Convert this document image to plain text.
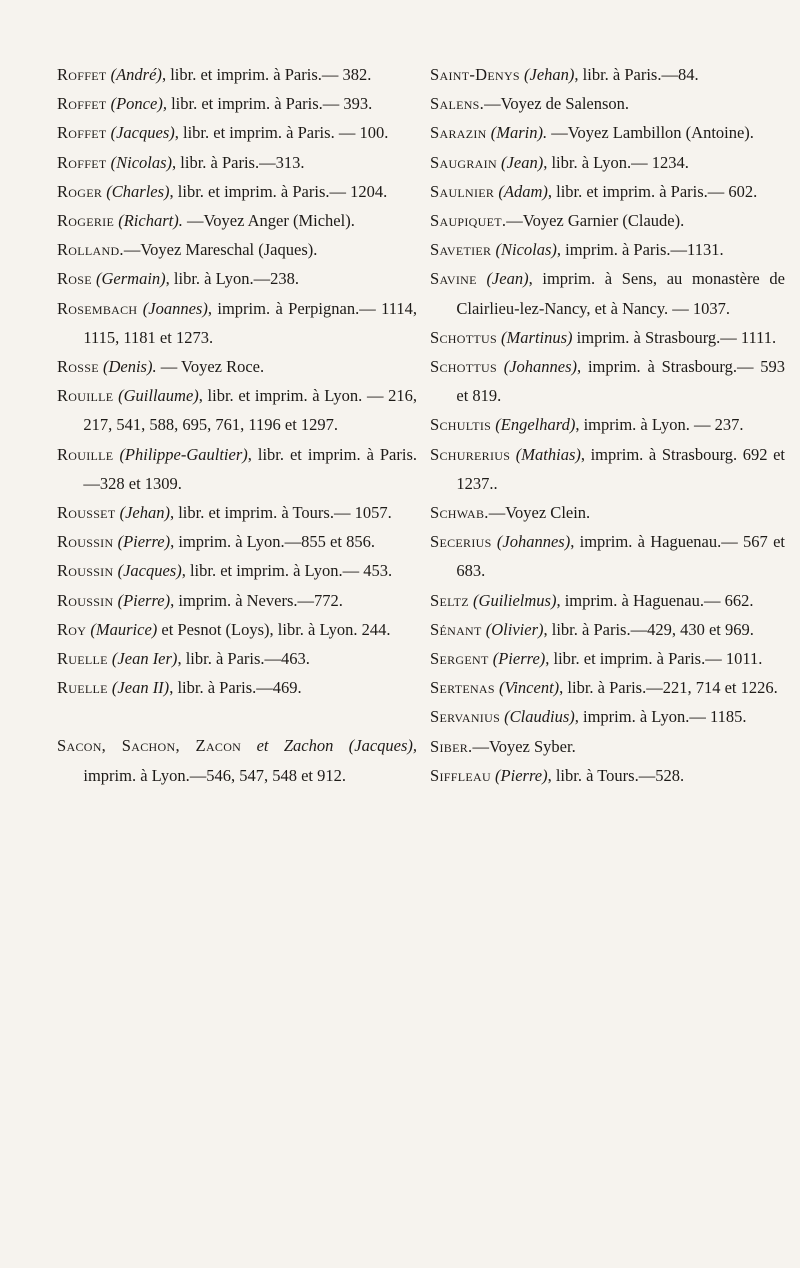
Roffet (André), libr. et imprim. à Paris.— 382.

Roffet (Ponce), libr. et imprim. à Paris.— 393.

Roffet (Jacques), libr. et imprim. à Paris. — 100.

Roffet (Nicolas), libr. à Paris.—313.

Roger (Charles), libr. et imprim. à Paris.— 1204.

Rogerie (Richart). —Voyez Anger (Michel).

Rolland.—Voyez Mareschal (Jaques).

Rose (Germain), libr. à Lyon.—238.

Rosembach (Joannes), imprim. à Perpignan.— 1114, 1115, 1181 et 1273.

Rosse (Denis). — Voyez Roce.

Rouille (Guillaume), libr. et imprim. à Lyon. — 216, 217, 541, 588, 695, 761, 1196 et 1297.

Rouille (Philippe-Gaultier), libr. et imprim. à Paris.—328 et 1309.

Rousset (Jehan), libr. et imprim. à Tours.— 1057.

Roussin (Pierre), imprim. à Lyon.—855 et 856.

Roussin (Jacques), libr. et imprim. à Lyon.— 453.

Roussin (Pierre), imprim. à Nevers.—772.

Roy (Maurice) et Pesnot (Loys), libr. à Lyon. 244.

Ruelle (Jean Ier), libr. à Paris.—463.

Ruelle (Jean II), libr. à Paris.—469.

Sacon, Sachon, Zacon et Zachon (Jacques), imprim. à Lyon.—546, 547, 548 et 912.

Saint-Denys (Jehan), libr. à Paris.—84.

Salens.—Voyez de Salenson.

Sarazin (Marin). —Voyez Lambillon (Antoine).

Saugrain (Jean), libr. à Lyon.— 1234.

Saulnier (Adam), libr. et imprim. à Paris.— 602.

Saupiquet.—Voyez Garnier (Claude).

Savetier (Nicolas), imprim. à Paris.—1131.

Savine (Jean), imprim. à Sens, au monastère de Clairlieu-lez-Nancy, et à Nancy. — 1037.

Schottus (Martinus) imprim. à Strasbourg.— 1111.

Schottus (Johannes), imprim. à Strasbourg.— 593 et 819.

Schultis (Engelhard), imprim. à Lyon. — 237.

Schurerius (Mathias), imprim. à Strasbourg. 692 et 1237..

Schwab.—Voyez Clein.

Secerius (Johannes), imprim. à Haguenau.— 567 et 683.

Seltz (Guilielmus), imprim. à Haguenau.— 662.

Sénant (Olivier), libr. à Paris.—429, 430 et 969.

Sergent (Pierre), libr. et imprim. à Paris.— 1011.

Sertenas (Vincent), libr. à Paris.—221, 714 et 1226.

Servanius (Claudius), imprim. à Lyon.— 1185.

Siber.—Voyez Syber.

Siffleau (Pierre), libr. à Tours.—528.
